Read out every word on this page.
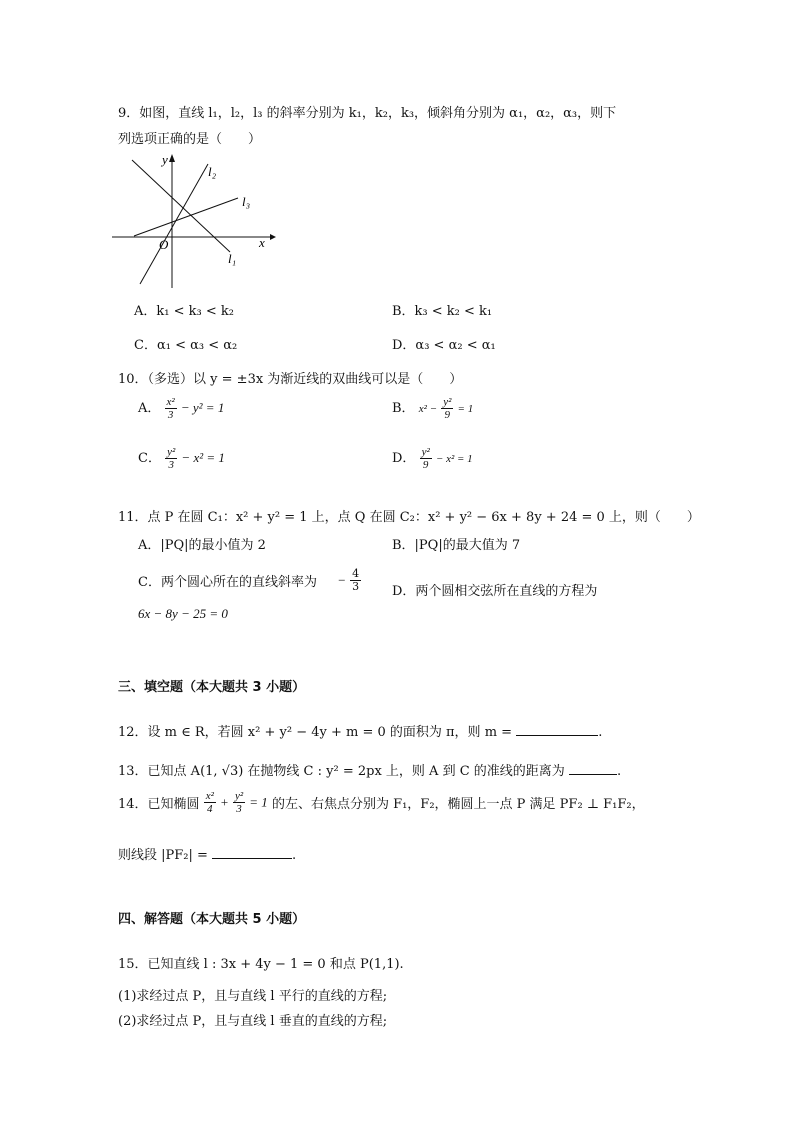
9．如图，直线 l₁，l₂，l₃ 的斜率分别为 k₁，k₂，k₃，倾斜角分别为 α₁，α₂，α₃，则下
列选项正确的是（　　）
y
x
O
l₁
l₂
l₃
A．k₁ < k₃ < k₂	B．k₃ < k₂ < k₁
C．α₁ < α₃ < α₂	D．α₃ < α₂ < α₁
10．（多选）以 y = ±3x 为渐近线的双曲线可以是（　　）
A． $\frac{\text{x²}}{3} - y^2 = 1$	B． $x^2 - \frac{\text{y²}}{9} = 1$
C． $\frac{\text{y²}}{3} - x^2 = 1$	D． $\frac{\text{y²}}{9} - x^2 = 1$
11．点 P 在圆 C₁：x² + y² = 1 上，点 Q 在圆 C₂：x² + y² − 6x + 8y + 24 = 0 上，则（　　）
A．|PQ|的最小值为 2	B．|PQ|的最大值为 7
C．两个圆心所在的直线斜率为 − $\frac{4}{3}$ D．两个圆相交弦所在直线的方程为
6x − 8y − 25 = 0
三、填空题（本大题共 3 小题）
12．设 m ∈ R，若圆 x² + y² − 4y + m = 0 的面积为 π，则 m =	.
13．已知点 A(1, √3) 在抛物线 C : y² = 2px 上，则 A 到 C 的准线的距离为	.
14．已知椭圆 $\frac{\text{x²}}{4} + \frac{\text{y²}}{3} = 1$ 的左、右焦点分别为 F₁，F₂，椭圆上一点 P 满足 PF₂ ⊥ F₁F₂，
则线段 |PF₂| =	.
四、解答题（本大题共 5 小题）
15．已知直线 l : 3x + 4y − 1 = 0 和点 P(1,1).
(1)求经过点 P，且与直线 l 平行的直线的方程;
(2)求经过点 P，且与直线 l 垂直的直线的方程;
